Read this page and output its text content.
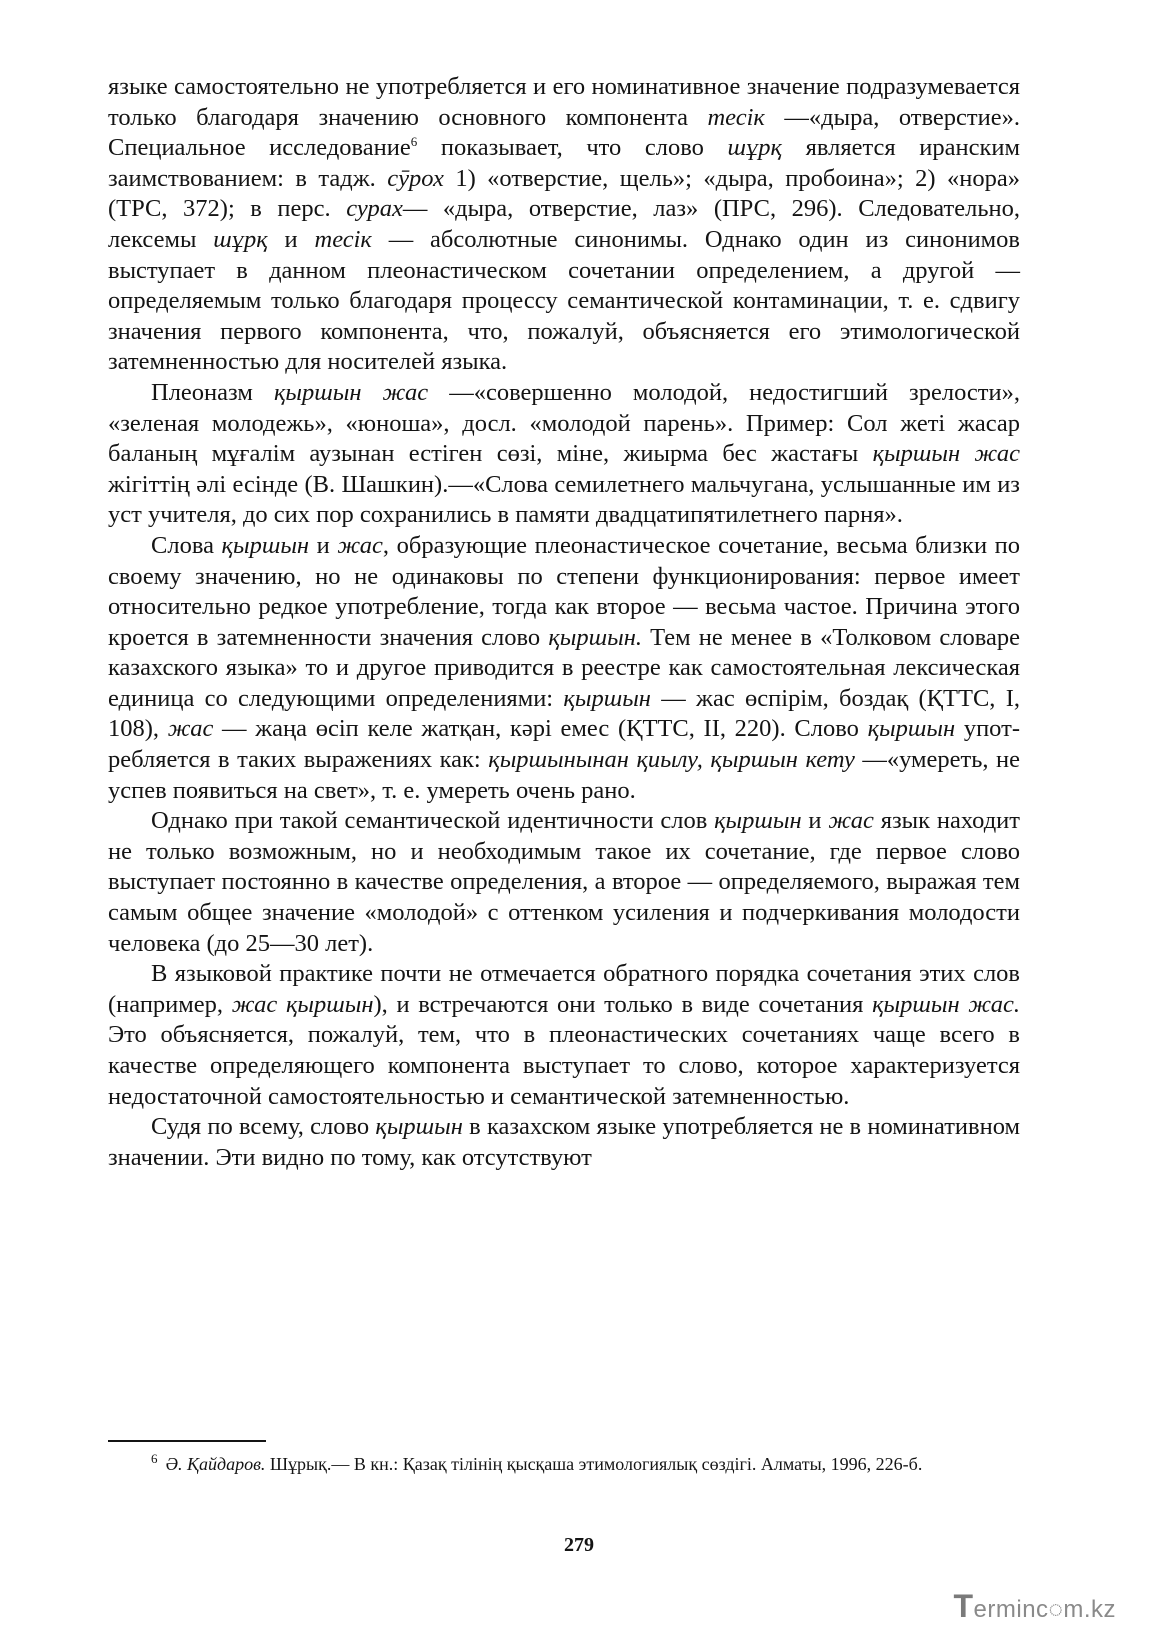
языке самостоятельно не употребляется и его номинативное значение подразумевается только благодаря значению основного компонента тесік —«дыра, отверстие». Специальное исследование$^6$ показывает, что слово шұрқ является иранским заимствованием: в тадж. сӯрох 1) «отверстие, щель»; «дыра, пробоина»; 2) «нора» (ТРС, 372); в перс. сурах— «дыра, отверстие, лаз» (ПРС, 296). Следовательно, лексемы шұрқ и тесік — абсолютные синонимы. Однако один из синонимов выступает в данном плеонастическом сочетании определением, а другой — определяемым только благодаря процессу семантической контаминации, т. е. сдвигу значения первого компонента, что, пожалуй, объясняется его этимологической затемненностью для носителей языка.

Плеоназм қыршын жас —«совершенно молодой, недостигший зрелости», «зеленая молодежь», «юноша», досл. «молодой парень». Пример: Сол жеті жасар баланың мұғалім аузынан естіген сөзі, міне, жиырма бес жастағы қыршын жас жігіттің әлі есінде (В. Шашкин).—«Слова семилетнего мальчугана, услышанные им из уст учителя, до сих пор сохранились в памяти двадцатипятилетнего парня».

Слова қыршын и жас, образующие плеонастическое сочетание, весьма близки по своему значению, но не одинаковы по степени функционирования: первое имеет относительно редкое употребление, тогда как второе — весьма частое. Причина этого кроется в затемненности значения слово қыршын. Тем не менее в «Толковом словаре казахского языка» то и другое приводится в реестре как самостоятельная лексическая единица со следующими определениями: қыршын — жас өспірім, боздақ (ҚТТС, I, 108), жас — жаңа өсіп келе жатқан, кәрі емес (ҚТТС, II, 220). Слово қыршын употребляется в таких выражениях как: қыршынынан қиылу, қыршын кету —«умереть, не успев появиться на свет», т. е. умереть очень рано.

Однако при такой семантической идентичности слов қыршын и жас язык находит не только возможным, но и необходимым такое их сочетание, где первое слово выступает постоянно в качестве определения, а второе — определяемого, выражая тем самым общее значение «молодой» с оттенком усиления и подчеркивания молодости человека (до 25—30 лет).

В языковой практике почти не отмечается обратного порядка сочетания этих слов (например, жас қыршын), и встречаются они только в виде сочетания қыршын жас. Это объясняется, пожалуй, тем, что в плеонастических сочетаниях чаще всего в качестве определяющего компонента выступает то слово, которое характеризуется недостаточной самостоятельностью и семантической затемненностью.

Судя по всему, слово қыршын в казахском языке употребляется не в номинативном значении. Эти видно по тому, как отсутствуют

$^6$ Ә. Қайдаров. Шұрық.— В кн.: Қазақ тілінің қысқаша этимологиялық сөздігі. Алматы, 1996, 226-б.
279
Terminc◌m.kz
